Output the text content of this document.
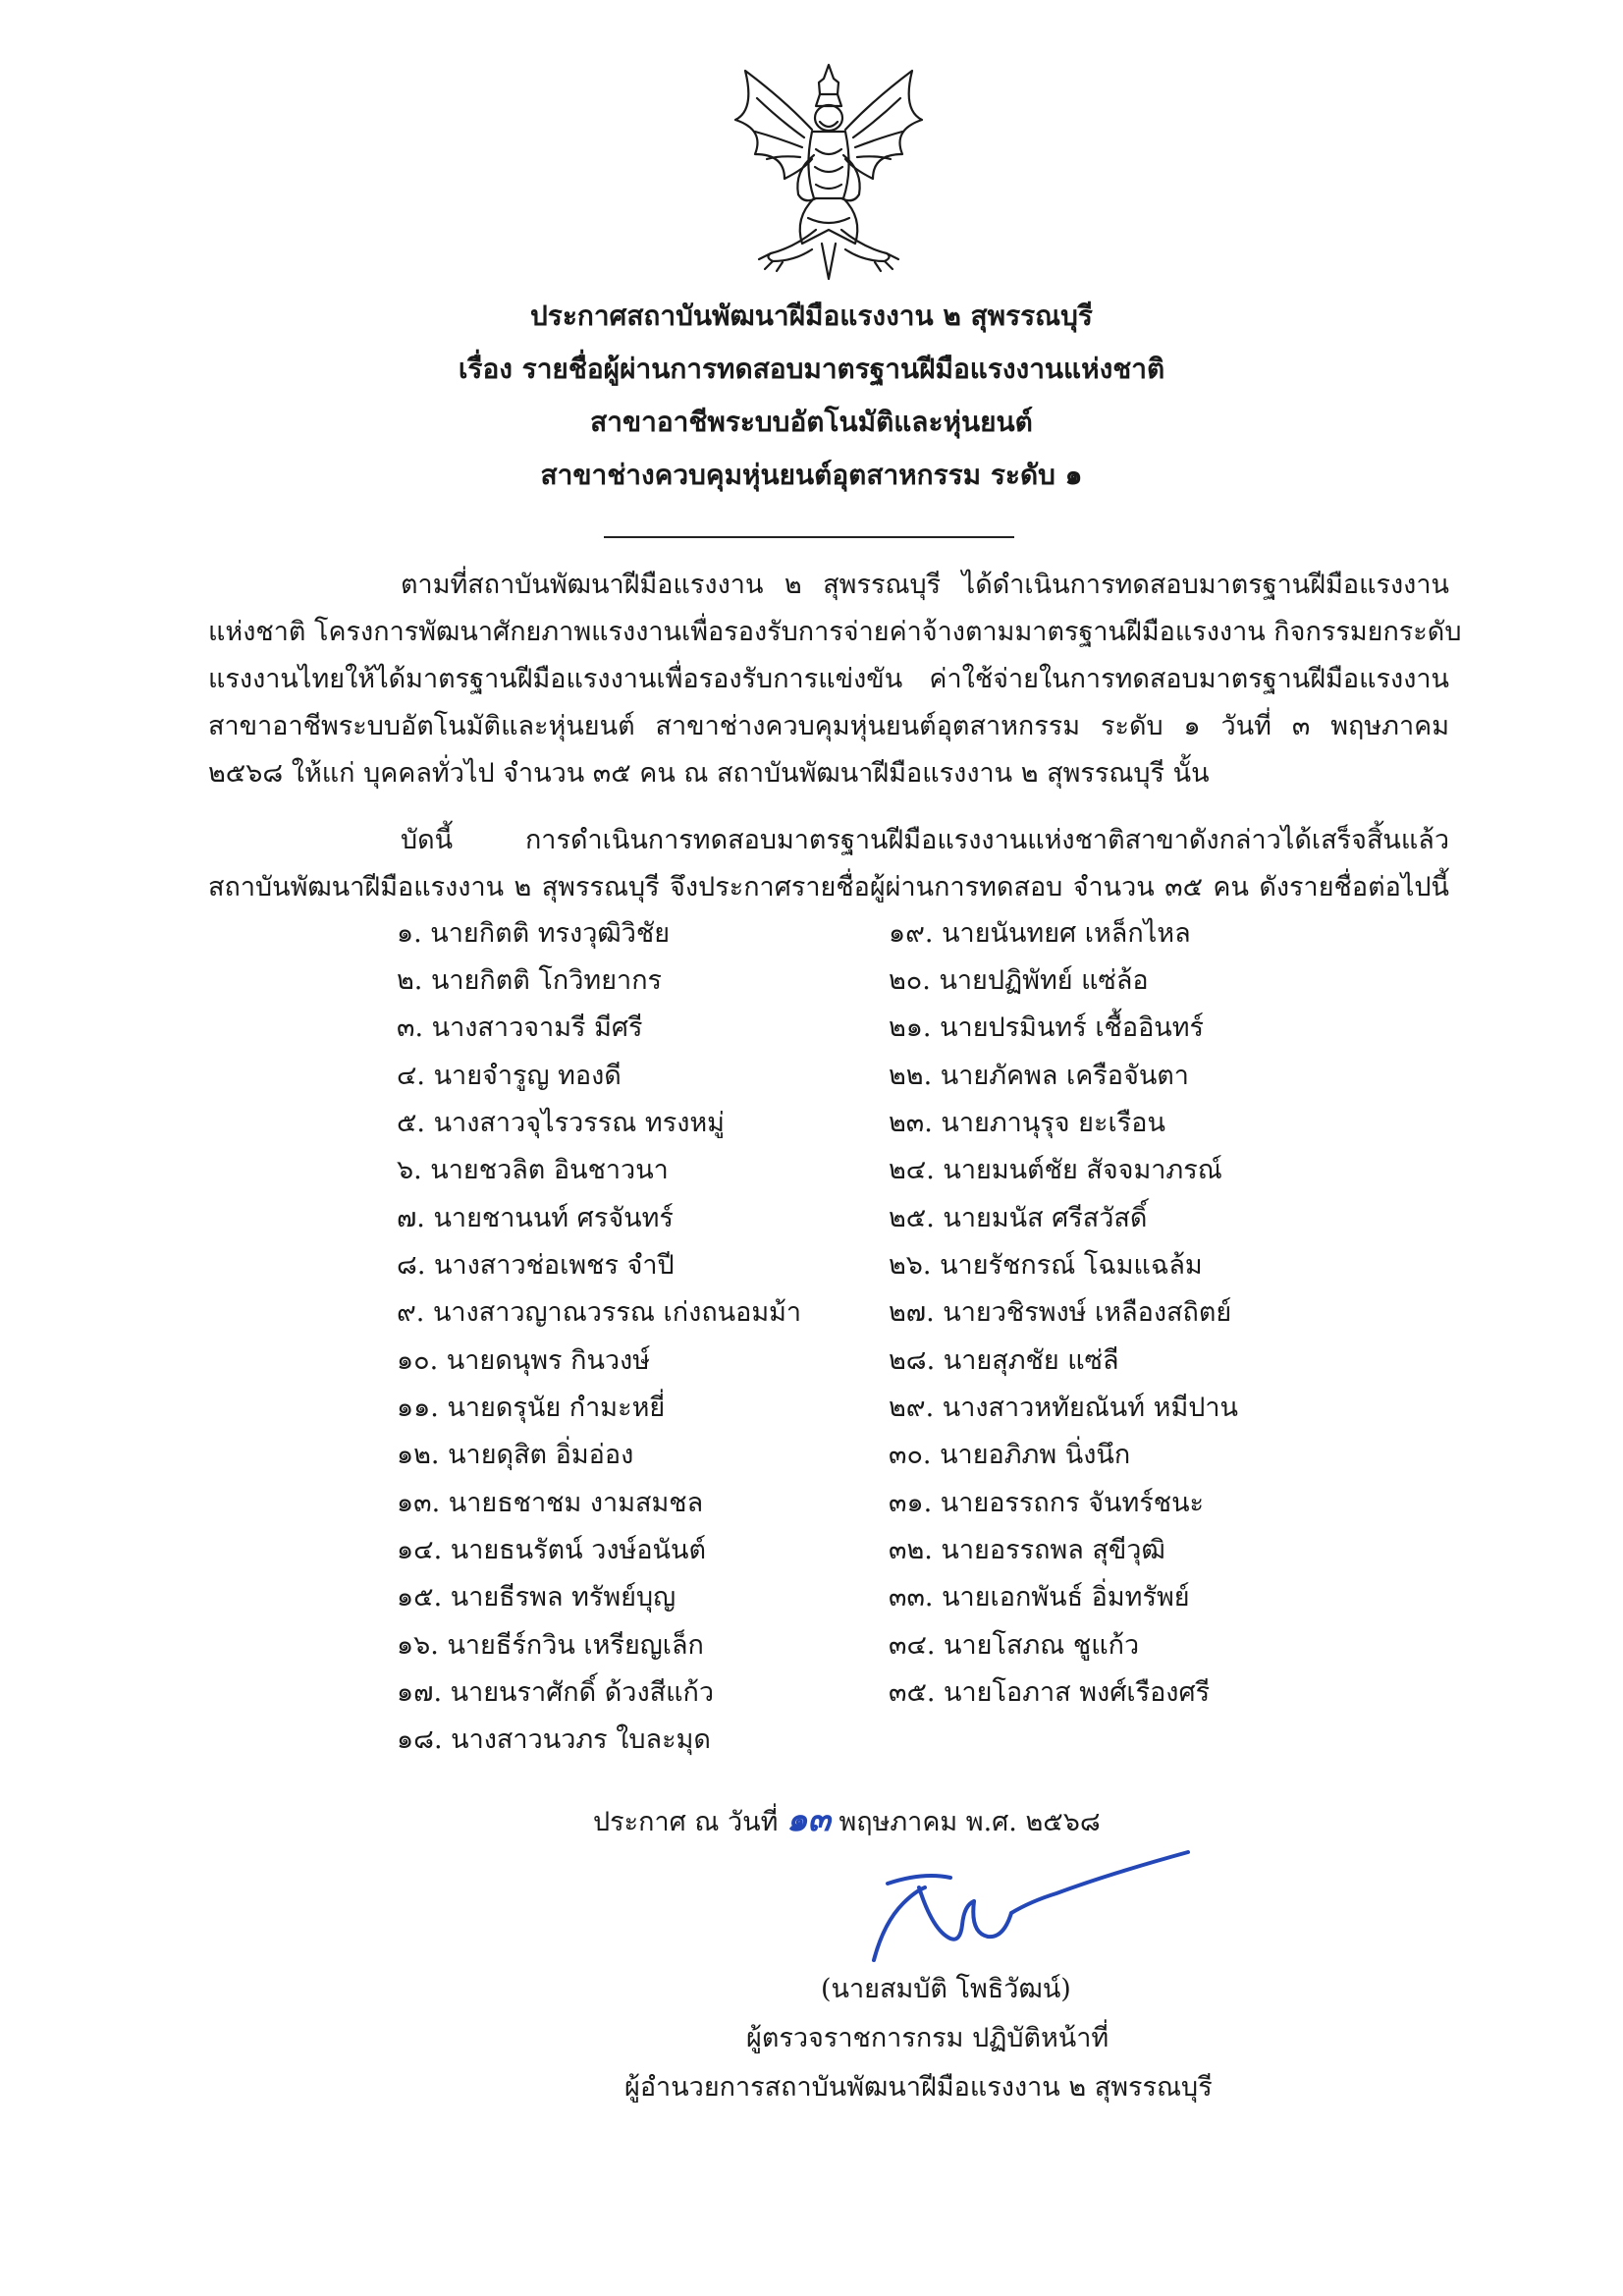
ประกาศสถาบันพัฒนาฝีมือแรงงาน ๒ สุพรรณบุรี
เรื่อง รายชื่อผู้ผ่านการทดสอบมาตรฐานฝีมือแรงงานแห่งชาติ
สาขาอาชีพระบบอัตโนมัติและหุ่นยนต์
สาขาช่างควบคุมหุ่นยนต์อุตสาหกรรม ระดับ ๑
ตามที่สถาบันพัฒนาฝีมือแรงงาน ๒ สุพรรณบุรี ได้ดำเนินการทดสอบมาตรฐานฝีมือแรงงาน
แห่งชาติ โครงการพัฒนาศักยภาพแรงงานเพื่อรองรับการจ่ายค่าจ้างตามมาตรฐานฝีมือแรงงาน กิจกรรมยกระดับ
แรงงานไทยให้ได้มาตรฐานฝีมือแรงงานเพื่อรองรับการแข่งขัน ค่าใช้จ่ายในการทดสอบมาตรฐานฝีมือแรงงาน
สาขาอาชีพระบบอัตโนมัติและหุ่นยนต์ สาขาช่างควบคุมหุ่นยนต์อุตสาหกรรม ระดับ ๑ วันที่ ๓ พฤษภาคม
๒๕๖๘ ให้แก่ บุคคลทั่วไป จำนวน ๓๕ คน ณ สถาบันพัฒนาฝีมือแรงงาน ๒ สุพรรณบุรี นั้น
บัดนี้ การดำเนินการทดสอบมาตรฐานฝีมือแรงงานแห่งชาติสาขาดังกล่าวได้เสร็จสิ้นแล้ว
สถาบันพัฒนาฝีมือแรงงาน ๒ สุพรรณบุรี จึงประกาศรายชื่อผู้ผ่านการทดสอบ จำนวน ๓๕ คน ดังรายชื่อต่อไปนี้
๑. นายกิตติ ทรงวุฒิวิชัย
๒. นายกิตติ โกวิทยากร
๓. นางสาวจามรี มีศรี
๔. นายจำรูญ ทองดี
๕. นางสาวจุไรวรรณ ทรงหมู่
๖. นายชวลิต อินชาวนา
๗. นายชานนท์ ศรจันทร์
๘. นางสาวช่อเพชร จำปี
๙. นางสาวญาณวรรณ เก่งถนอมม้า
๑๐. นายดนุพร กินวงษ์
๑๑. นายดรุนัย กำมะหยี่
๑๒. นายดุสิต อิ่มอ่อง
๑๓. นายธชาชม งามสมชล
๑๔. นายธนรัตน์ วงษ์อนันต์
๑๕. นายธีรพล ทรัพย์บุญ
๑๖. นายธีร์กวิน เหรียญเล็ก
๑๗. นายนราศักดิ์ ด้วงสีแก้ว
๑๘. นางสาวนวภร ใบละมุด
๑๙. นายนันทยศ เหล็กไหล
๒๐. นายปฏิพัทย์ แซ่ล้อ
๒๑. นายปรมินทร์ เชื้ออินทร์
๒๒. นายภัคพล เครือจันตา
๒๓. นายภานุรุจ ยะเรือน
๒๔. นายมนต์ชัย สัจจมาภรณ์
๒๕. นายมนัส ศรีสวัสดิ์
๒๖. นายรัชกรณ์ โฉมแฉล้ม
๒๗. นายวชิรพงษ์ เหลืองสถิตย์
๒๘. นายสุภชัย แซ่ลี
๒๙. นางสาวหทัยณันท์ หมีปาน
๓๐. นายอภิภพ นิ่งนึก
๓๑. นายอรรถกร จันทร์ชนะ
๓๒. นายอรรถพล สุขีวุฒิ
๓๓. นายเอกพันธ์ อิ่มทรัพย์
๓๔. นายโสภณ ชูแก้ว
๓๕. นายโอภาส พงศ์เรืองศรี
ประกาศ ณ วันที่ ๑๓ พฤษภาคม พ.ศ. ๒๕๖๘
(นายสมบัติ โพธิวัฒน์)
ผู้ตรวจราชการกรม ปฏิบัติหน้าที่
ผู้อำนวยการสถาบันพัฒนาฝีมือแรงงาน ๒ สุพรรณบุรี
